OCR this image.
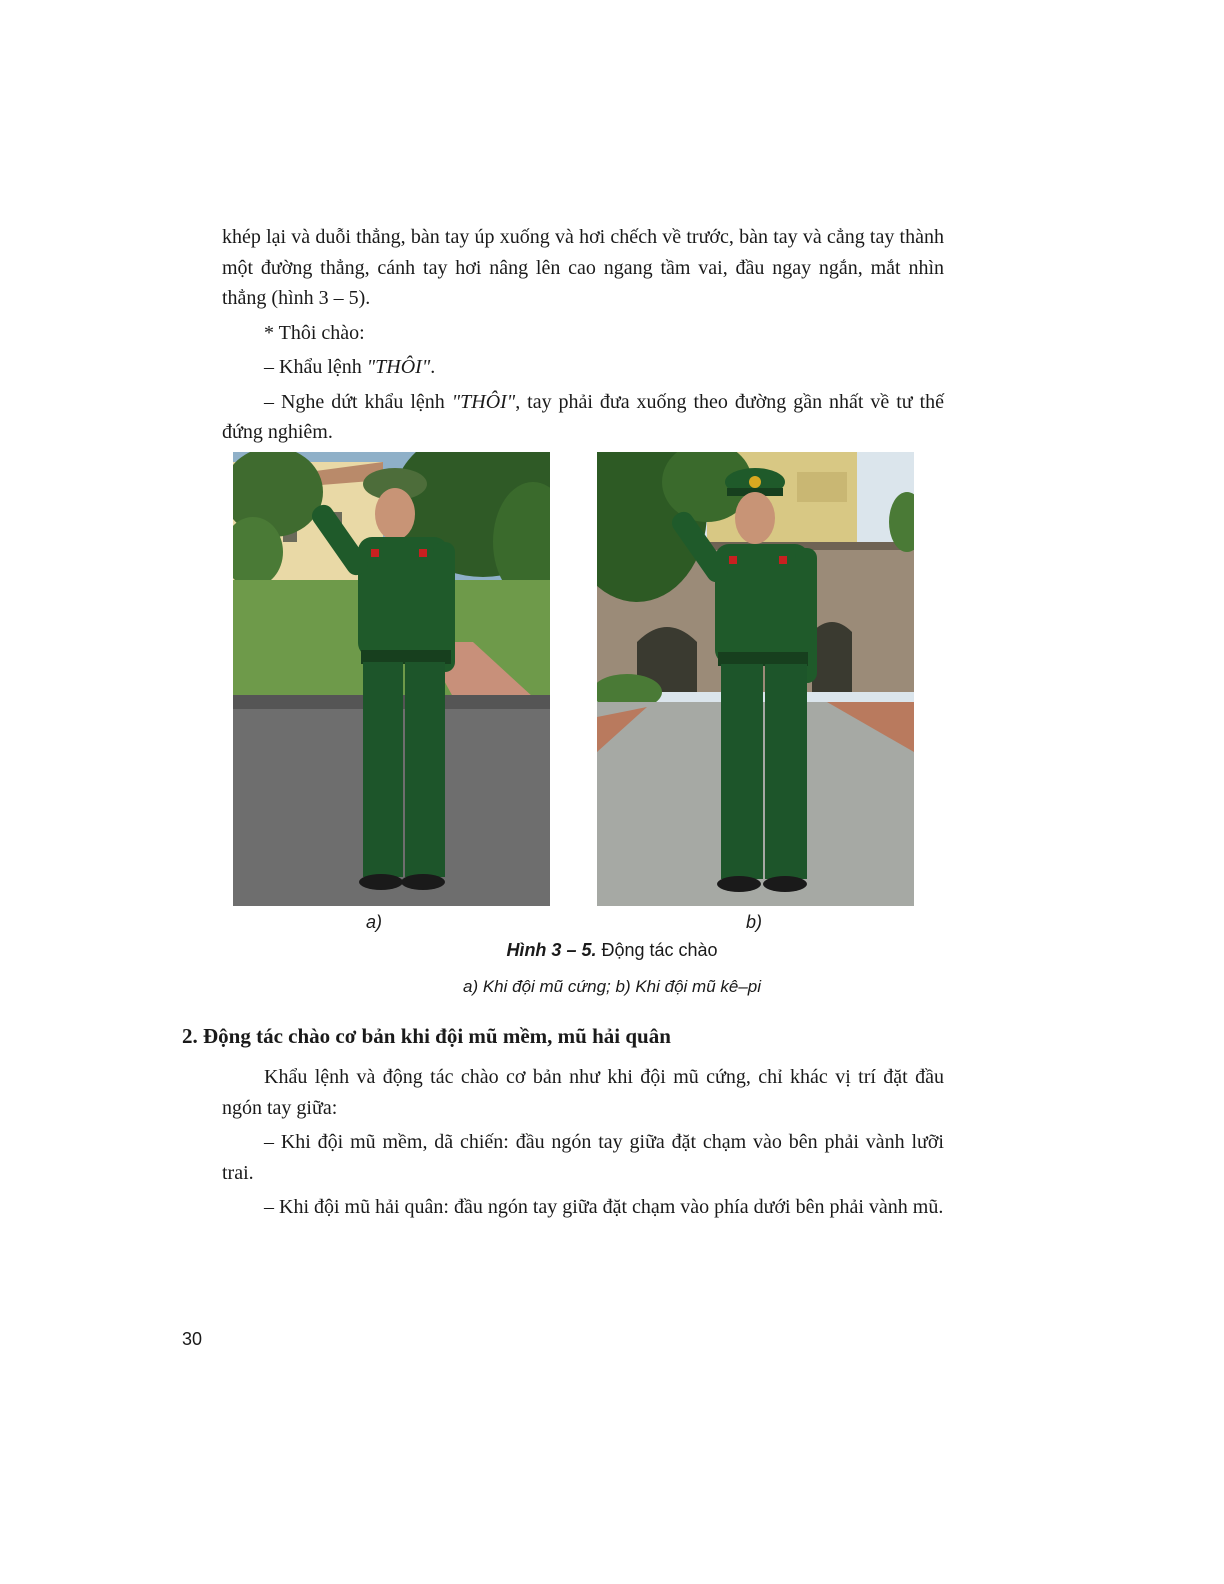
khép lại và duỗi thẳng, bàn tay úp xuống và hơi chếch về trước, bàn tay và cẳng tay thành một đường thẳng, cánh tay hơi nâng lên cao ngang tầm vai, đầu ngay ngắn, mắt nhìn thẳng (hình 3 – 5).

* Thôi chào:

– Khẩu lệnh "THÔI".

– Nghe dứt khẩu lệnh "THÔI", tay phải đưa xuống theo đường gần nhất về tư thế đứng nghiêm.

a)	b)
Hình 3 – 5. Động tác chào
a) Khi đội mũ cứng; b) Khi đội mũ kê–pi
2. Động tác chào cơ bản khi đội mũ mềm, mũ hải quân

Khẩu lệnh và động tác chào cơ bản như khi đội mũ cứng, chỉ khác vị trí đặt đầu ngón tay giữa:

– Khi đội mũ mềm, dã chiến: đầu ngón tay giữa đặt chạm vào bên phải vành lưỡi trai.

– Khi đội mũ hải quân: đầu ngón tay giữa đặt chạm vào phía dưới bên phải vành mũ.

30
